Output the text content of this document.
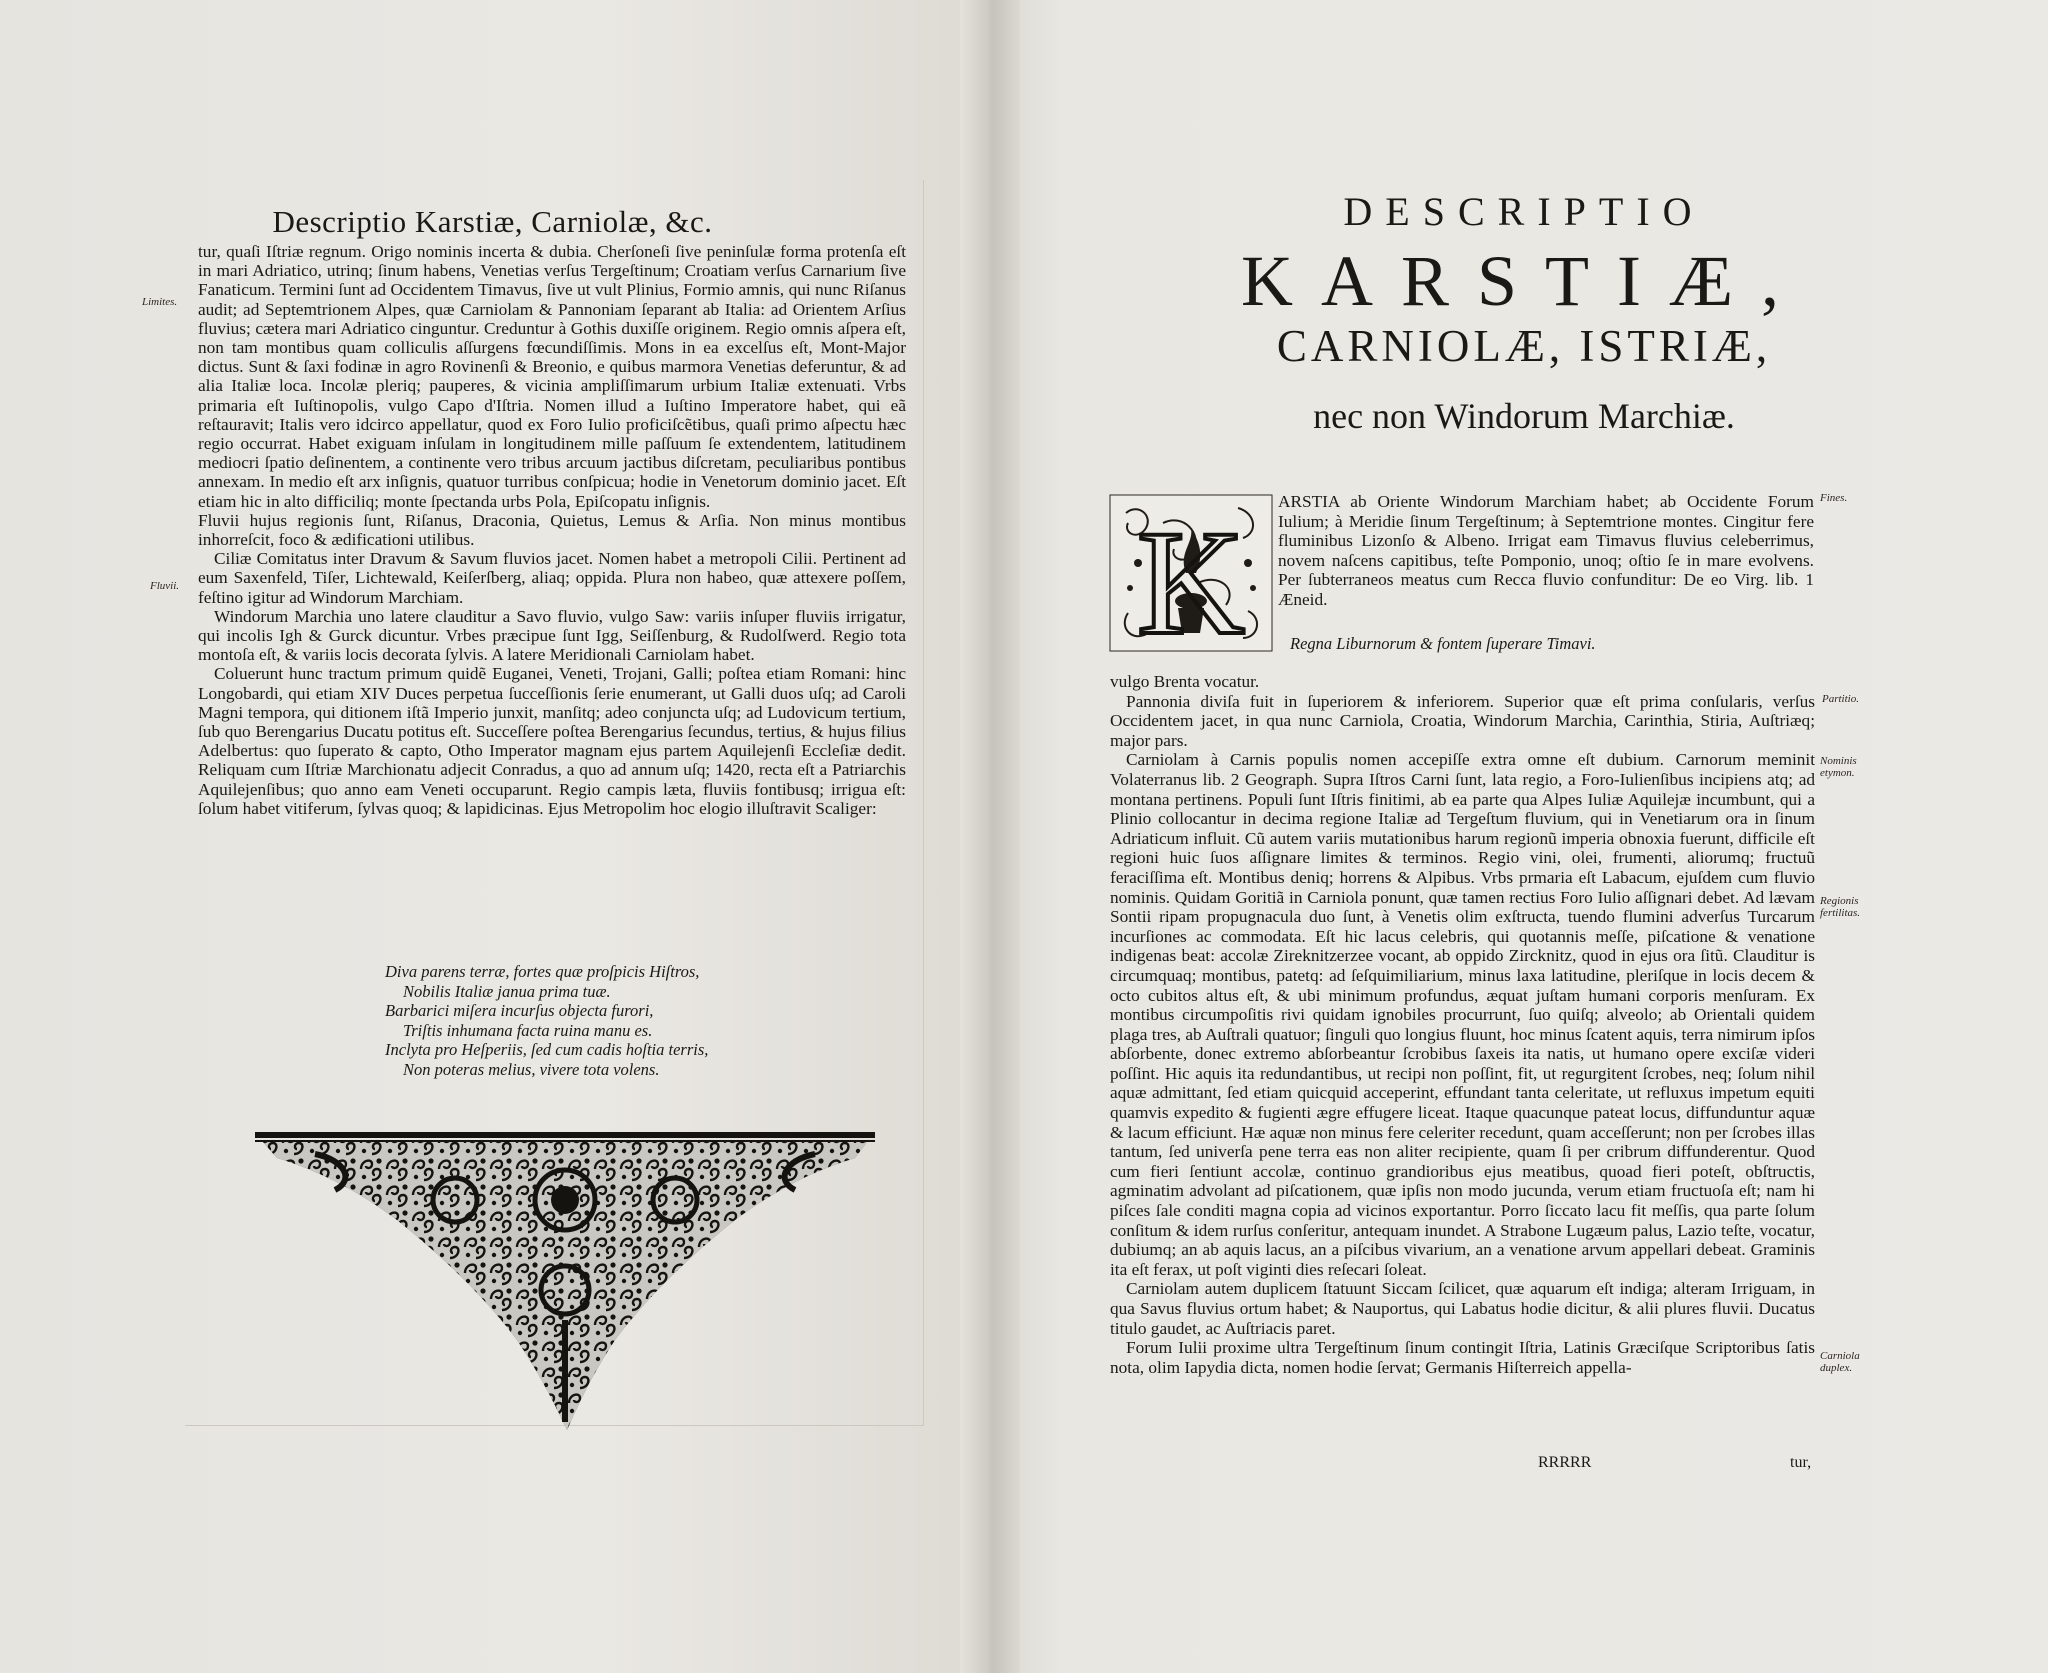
Descriptio Karstiæ, Carniolæ, &c.

tur, quaſi Iſtriæ regnum. Origo nominis incerta & dubia. Cherſoneſi ſive peninſulæ forma protenſa eſt in mari Adriatico, utrinq; ſinum habens, Venetias verſus Tergeſtinum; Croatiam verſus Carnarium ſive Fanaticum. Termini ſunt ad Occidentem Timavus, ſive ut vult Plinius, Formio amnis, qui nunc Riſanus audit; ad Septemtrionem Alpes, quæ Carniolam & Pannoniam ſeparant ab Italia: ad Orientem Arſius fluvius; cætera mari Adriatico cinguntur. Creduntur à Gothis duxiſſe originem. Regio omnis aſpera eſt, non tam montibus quam colliculis aſſurgens fœcundiſſimis. Mons in ea excelſus eſt, Mont-Major dictus. Sunt & ſaxi fodinæ in agro Rovinenſi & Breonio, e quibus marmora Venetias deferuntur, & ad alia Italiæ loca. Incolæ pleriq; pauperes, & vicinia ampliſſimarum urbium Italiæ extenuati. Vrbs primaria eſt Iuſtinopolis, vulgo Capo d'Iſtria. Nomen illud a Iuſtino Imperatore habet, qui eã reſtauravit; Italis vero idcirco appellatur, quod ex Foro Iulio proficiſcẽtibus, quaſi primo aſpectu hæc regio occurrat. Habet exiguam inſulam in longitudinem mille paſſuum ſe extendentem, latitudinem mediocri ſpatio deſinentem, a continente vero tribus arcuum jactibus diſcretam, peculiaribus pontibus annexam. In medio eſt arx inſignis, quatuor turribus conſpicua; hodie in Venetorum dominio jacet. Eſt etiam hic in alto difficiliq; monte ſpectanda urbs Pola, Epiſcopatu inſignis.

Fluvii hujus regionis ſunt, Riſanus, Draconia, Quietus, Lemus & Arſia. Non minus montibus inhorreſcit, foco & ædificationi utilibus.

Ciliæ Comitatus inter Dravum & Savum fluvios jacet. Nomen habet a metropoli Cilii. Pertinent ad eum Saxenfeld, Tiſer, Lichtewald, Keiſerſberg, aliaq; oppida. Plura non habeo, quæ attexere poſſem, feſtino igitur ad Windorum Marchiam.

Windorum Marchia uno latere clauditur a Savo fluvio, vulgo Saw: variis inſuper fluviis irrigatur, qui incolis Igh & Gurck dicuntur. Vrbes præcipue ſunt Igg, Seiſſenburg, & Rudolſwerd. Regio tota montoſa eſt, & variis locis decorata ſylvis. A latere Meridionali Carniolam habet.

Coluerunt hunc tractum primum quidẽ Euganei, Veneti, Trojani, Galli; poſtea etiam Romani: hinc Longobardi, qui etiam XIV Duces perpetua ſucceſſionis ſerie enumerant, ut Galli duos uſq; ad Caroli Magni tempora, qui ditionem iſtã Imperio junxit, manſitq; adeo conjuncta uſq; ad Ludovicum tertium, ſub quo Berengarius Ducatu potitus eſt. Succeſſere poſtea Berengarius ſecundus, tertius, & hujus filius Adelbertus: quo ſuperato & capto, Otho Imperator magnam ejus partem Aquilejenſi Eccleſiæ dedit. Reliquam cum Iſtriæ Marchionatu adjecit Conradus, a quo ad annum uſq; 1420, recta eſt a Patriarchis Aquilejenſibus; quo anno eam Veneti occuparunt. Regio campis læta, fluviis fontibusq; irrigua eſt: ſolum habet vitiferum, ſylvas quoq; & lapidicinas. Ejus Metropolim hoc elogio illuſtravit Scaliger:

Limites.
Fluvii.
Diva parens terræ, fortes quæ proſpicis Hiſtros,
Nobilis Italiæ janua prima tuæ.
Barbarici miſera incurſus objecta furori,
Triſtis inhumana facta ruina manu es.
Inclyta pro Heſperiis, ſed cum cadis hoſtia terris,
Non poteras melius, vivere tota volens.
DESCRIPTIO
KARSTIÆ,
CARNIOLÆ, ISTRIÆ,
nec non Windorum Marchiæ.
K ARSTIA ab Oriente Windorum Marchiam habet; ab Occidente Forum Iulium; à Meridie ſinum Tergeſtinum; à Septemtrione montes. Cingitur fere fluminibus Lizonſo & Albeno. Irrigat eam Timavus fluvius celeberrimus, novem naſcens capitibus, teſte Pomponio, unoq; oſtio ſe in mare evolvens. Per ſubterraneos meatus cum Recca fluvio confunditur: De eo Virg. lib. 1 Æneid.
Regna Liburnorum & fontem ſuperare Timavi.

vulgo Brenta vocatur.

Pannonia diviſa fuit in ſuperiorem & inferiorem. Superior quæ eſt prima conſularis, verſus Occidentem jacet, in qua nunc Carniola, Croatia, Windorum Marchia, Carinthia, Stiria, Auſtriæq; major pars.

Carniolam à Carnis populis nomen accepiſſe extra omne eſt dubium. Carnorum meminit Volaterranus lib. 2 Geograph. Supra Iſtros Carni ſunt, lata regio, a Foro-Iulienſibus incipiens atq; ad montana pertinens. Populi ſunt Iſtris finitimi, ab ea parte qua Alpes Iuliæ Aquilejæ incumbunt, qui a Plinio collocantur in decima regione Italiæ ad Tergeſtum fluvium, qui in Venetiarum ora in ſinum Adriaticum influit. Cũ autem variis mutationibus harum regionũ imperia obnoxia fuerunt, difficile eſt regioni huic ſuos aſſignare limites & terminos. Regio vini, olei, frumenti, aliorumq; fructuũ feraciſſima eſt. Montibus deniq; horrens & Alpibus. Vrbs prmaria eſt Labacum, ejuſdem cum fluvio nominis. Quidam Goritiã in Carniola ponunt, quæ tamen rectius Foro Iulio aſſignari debet. Ad lævam Sontii ripam propugnacula duo ſunt, à Venetis olim exſtructa, tuendo flumini adverſus Turcarum incurſiones ac commodata. Eſt hic lacus celebris, qui quotannis meſſe, piſcatione & venatione indigenas beat: accolæ Zireknitzerzee vocant, ab oppido Zircknitz, quod in ejus ora ſitũ. Clauditur is circumquaq; montibus, patetq: ad ſeſquimiliarium, minus laxa latitudine, pleriſque in locis decem & octo cubitos altus eſt, & ubi minimum profundus, æquat juſtam humani corporis menſuram. Ex montibus circumpoſitis rivi quidam ignobiles procurrunt, ſuo quiſq; alveolo; ab Orientali quidem plaga tres, ab Auſtrali quatuor; ſinguli quo longius fluunt, hoc minus ſcatent aquis, terra nimirum ipſos abſorbente, donec extremo abſorbeantur ſcrobibus ſaxeis ita natis, ut humano opere exciſæ videri poſſint. Hic aquis ita redundantibus, ut recipi non poſſint, fit, ut regurgitent ſcrobes, neq; ſolum nihil aquæ admittant, ſed etiam quicquid acceperint, effundant tanta celeritate, ut refluxus impetum equiti quamvis expedito & fugienti ægre effugere liceat. Itaque quacunque pateat locus, diffunduntur aquæ & lacum efficiunt. Hæ aquæ non minus fere celeriter recedunt, quam acceſſerunt; non per ſcrobes illas tantum, ſed univerſa pene terra eas non aliter recipiente, quam ſi per cribrum diffunderentur. Quod cum fieri ſentiunt accolæ, continuo grandioribus ejus meatibus, quoad fieri poteſt, obſtructis, agminatim advolant ad piſcationem, quæ ipſis non modo jucunda, verum etiam fructuoſa eſt; nam hi piſces ſale conditi magna copia ad vicinos exportantur. Porro ſiccato lacu fit meſſis, qua parte ſolum conſitum & idem rurſus conſeritur, antequam inundet. A Strabone Lugæum palus, Lazio teſte, vocatur, dubiumq; an ab aquis lacus, an a piſcibus vivarium, an a venatione arvum appellari debeat. Graminis ita eſt ferax, ut poſt viginti dies reſecari ſoleat.

Carniolam autem duplicem ſtatuunt Siccam ſcilicet, quæ aquarum eſt indiga; alteram Irriguam, in qua Savus fluvius ortum habet; & Nauportus, qui Labatus hodie dicitur, & alii plures fluvii. Ducatus titulo gaudet, ac Auſtriacis paret.

Forum Iulii proxime ultra Tergeſtinum ſinum contingit Iſtria, Latinis Græciſque Scriptoribus ſatis nota, olim Iapydia dicta, nomen hodie ſervat; Germanis Hiſterreich appella-

Fines.
Partitio.
Nominis etymon.
Regionis fertilitas.
Carniola duplex.
RRRRR	tur,
